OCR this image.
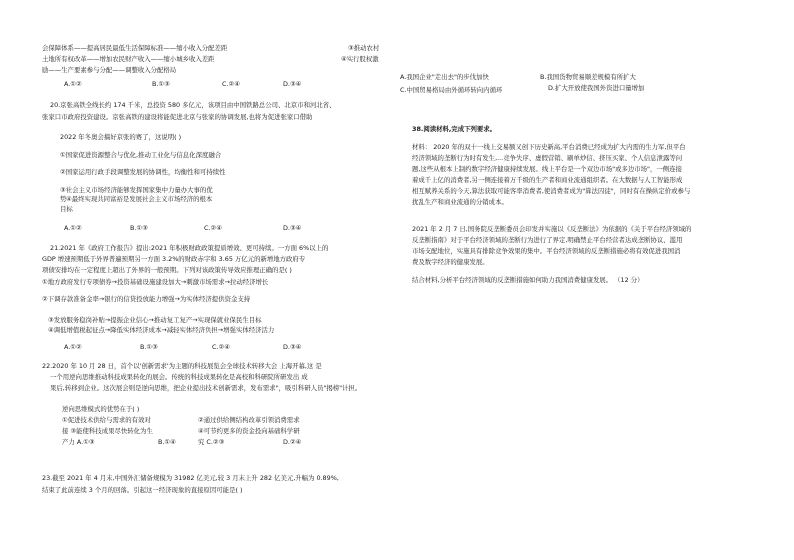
会保障体系——提高居民最低生活保障标准——缩小收入分配差距	③推动农村
土地所有权改革——增加农民财产收入——缩小城乡收入差距	④实行股权激
励——生产要素参与分配——调整收入分配格局
A.①②	B.①③	C.②④	D.③④
20.京张高铁全线长约 174 千米，总投资 580 多亿元，该项目由中国铁路总公司、北京市和河北省、
张家口市政府投资建设。京张高铁的建设将能促进北京与张家的协调发展,也将为促进张家口借助
2022 年冬奥会搞好京张的赛了，这说明( )
①国家促进资源整合与优化,推动工业化与信息化深度融合
②国家运用行政手段调整发展的协调性，均衡性和可持续性
③社会主义市场经济能够发挥国家集中力量办大事的优
势 ④最终实现共同富裕是发展社会主义市场经济的根本
目标
A.①②	B.①③	C.②④	D.③④
21.2021 年《政府工作报告》提出:2021 年积极财政政策提质增效、更可持续。一方面 6%以上的
GDP 增速预期低于外界普遍预期另一方面 3.2%的财政赤字和 3.65 万亿元的新增地方政府专
项债安排均在一定程度上超出了外界的一般预期。下列对该政策传导效应推理正确的是( )
①地方政府发行专项债券→投资基础设施建设加大→刺激市场需求→拉动经济增长
②下调存款准备金率→银行的信贷投放能力增强→为实体经济提供资金支持
③发放服务稳岗补贴→提振企业信心→推动复工复产→实现保就业保民生目标
④调低增值税起征点→降低实体经济成本→减轻实体经济负担→增强实体经济活力
A.①②	B.①③	C.②④	D.③④
22.2020 年 10 月 28 日，首个以'创新需求'为主题的科技展览会全球技术转移大会 上海开幕,这 是
一个用逆向思维推动科技成果转化的展会。传统的科技成果转化是高校和科研院所研发出 成
果后,转移到企业。这次展会则是逆向思维，把企业提出技术创新需求，发布需求"，吸引科研人员"揭榜"计担。
逆向思维模式的优势在于( )
①促进技术供给与需求的有效对	②通过供给侧结构改革引领消费需求
接 ③能使科技成果尽快转化为生	④可节约更多的资金投向基础科学研
产力 A.①③	B.①④	究 C.②③	D.②④
23.截至 2021 年 4 月末,中国外汇储备规模为 31982 亿美元,较 3 月末上升 282 亿美元,升幅为 0.89%,
结束了此前连续 3 个月的回落。引起这一经济现象的直接原因可能是( )
A.我国企业"走出去"的步伐加快	B.我国货物贸易顺差规模有所扩大
C.中国贸易格局由外循环转向内循环	D.扩大开放使我国外资进口量增加
38.阅读材料,完成下列要求。
材料： 2020 年的双十一线上交易额又创下历史新高,平台消费已经成为扩大内需的生力军,但平台
经济领域的垄断行为时有发生,...竞争失序、虚假营销、刷单炒信、挤压买家、个人信息泄露等问
题,这些从根本上制约数字经济健康持续发展。线上平台是一个双边市场"或多边市场"，一侧连接
着成千上亿的消费者,另一侧连接着万千级的生产者和商业流通组织者。在大数据与人工智能形成
相互赋养关系的今天,算法获取可能客率消费者,使消费者成为"算法囚徒"，同时有在操纵定价或参与
扰乱生产和商业流通的分销成本。
2021 年 2 月 7 日,国务院反垄断委员会印发并实施以《反垄断法》为依据的《关于平台经济领域的
反垄断指南》对于平台经济领域的垄断行为进行了界定,明确禁止平台经营者达成垄断协议、滥用
市场支配地位，实施具有排除竞争效果的集中。平台经济领域的反垄断措施必将有效促进我国消
费及数字经济的健康发展。
结合材料,分析平台经济领域的反垄断措施如何助力我国消费健康发展。 （12 分）
